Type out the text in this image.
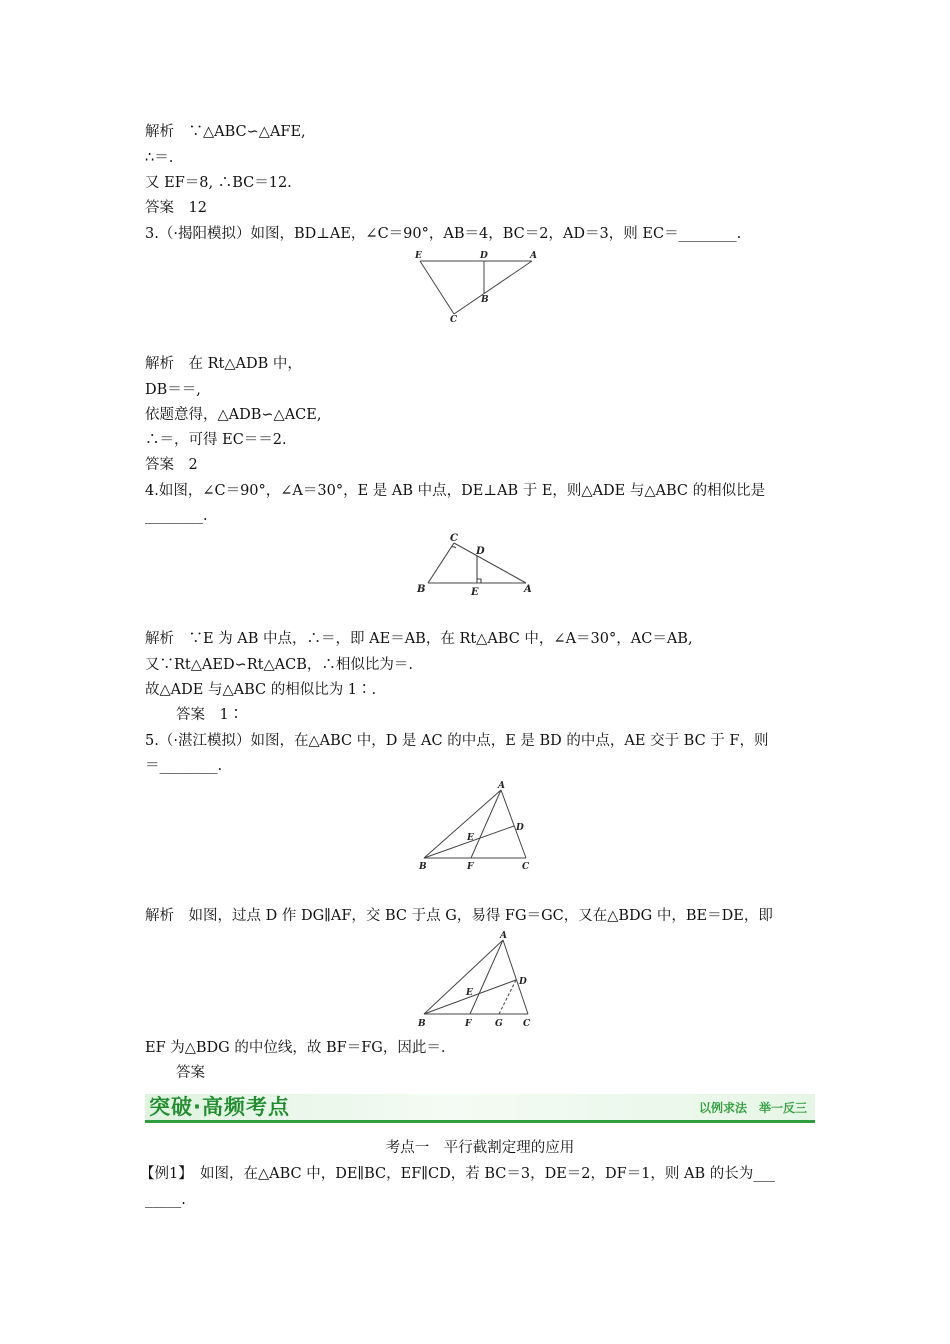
解析　∵△ABC∽△AFE,
∴＝.
又 EF＝8, ∴BC＝12.
答案　12
3.（·揭阳模拟）如图，BD⊥AE，∠C＝90°，AB＝4，BC＝2，AD＝3，则 EC＝________.
E	D	A
B
C
解析　在 Rt△ADB 中，
DB＝＝,
依题意得，△ADB∽△ACE,
∴＝，可得 EC＝＝2.
答案　2
4.如图，∠C＝90°，∠A＝30°，E 是 AB 中点，DE⊥AB 于 E，则△ADE 与△ABC 的相似比是
________.
C
D
B	E	A
解析　∵E 为 AB 中点，∴＝，即 AE＝AB，在 Rt△ABC 中，∠A＝30°，AC＝AB,
又∵Rt△AED∽Rt△ACB，∴相似比为＝.
故△ADE 与△ABC 的相似比为 1∶.
答案　1∶
5.（·湛江模拟）如图，在△ABC 中，D 是 AC 的中点，E 是 BD 的中点，AE 交于 BC 于 F，则
＝________.
A
D
E
B	F	C
解析　如图，过点 D 作 DG∥AF，交 BC 于点 G，易得 FG＝GC，又在△BDG 中，BE＝DE，即
A
D
E
B	F	G C
EF 为△BDG 的中位线，故 BF＝FG，因此＝.
答案
突破·高频考点	以例求法　举一反三
考点一　平行截割定理的应用
【例1】　如图，在△ABC 中，DE∥BC，EF∥CD，若 BC＝3，DE＝2，DF＝1，则 AB 的长为___
_____.
